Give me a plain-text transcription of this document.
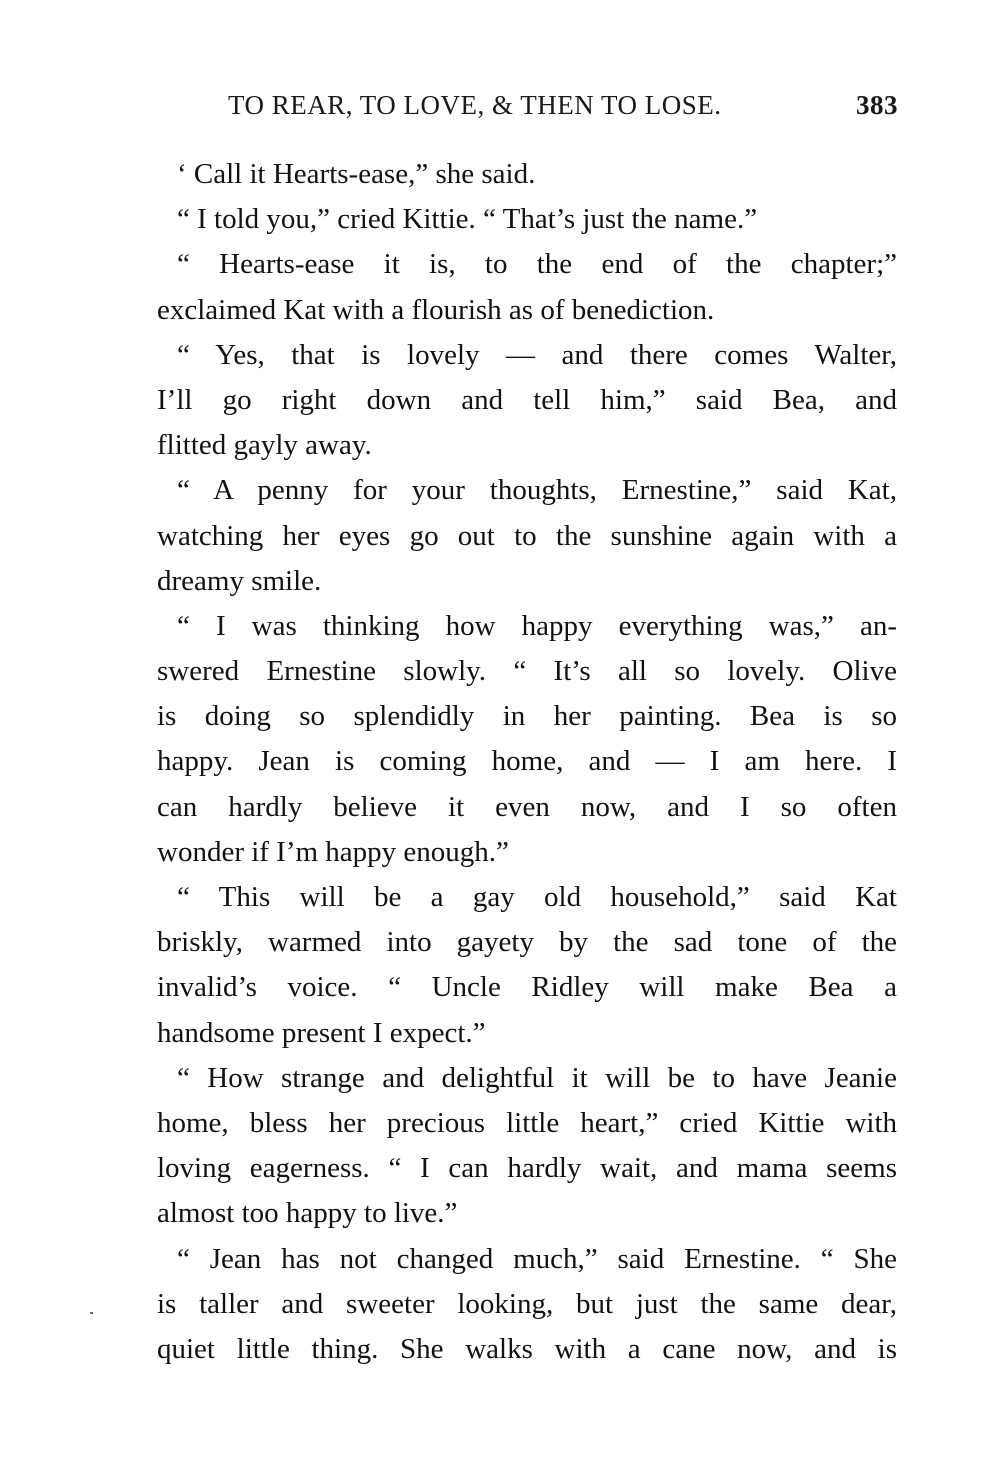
TO REAR, TO LOVE, & THEN TO LOSE.	383
‘ Call it Hearts-ease,” she said.
“ I told you,” cried Kittie. “ That’s just the name.”
“ Hearts-ease it is, to the end of the chapter;”
exclaimed Kat with a flourish as of benediction.
“ Yes, that is lovely — and there comes Walter,
I’ll go right down and tell him,” said Bea, and
flitted gayly away.
“ A penny for your thoughts, Ernestine,” said Kat,
watching her eyes go out to the sunshine again with a
dreamy smile.
“ I was thinking how happy everything was,” an-
swered Ernestine slowly. “ It’s all so lovely. Olive
is doing so splendidly in her painting. Bea is so
happy. Jean is coming home, and — I am here. I
can hardly believe it even now, and I so often
wonder if I’m happy enough.”
“ This will be a gay old household,” said Kat
briskly, warmed into gayety by the sad tone of the
invalid’s voice. “ Uncle Ridley will make Bea a
handsome present I expect.”
“ How strange and delightful it will be to have Jeanie
home, bless her precious little heart,” cried Kittie with
loving eagerness. “ I can hardly wait, and mama seems
almost too happy to live.”
“ Jean has not changed much,” said Ernestine. “ She
is taller and sweeter looking, but just the same dear,
quiet little thing. She walks with a cane now, and is
